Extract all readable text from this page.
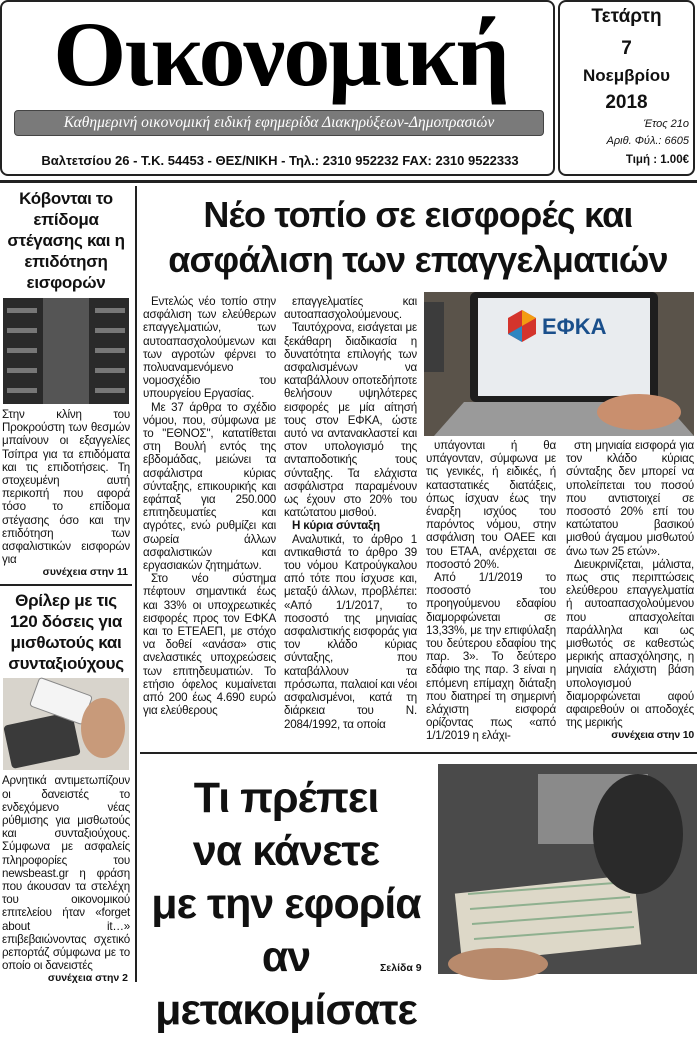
Οικονομική
Καθημερινή οικονομική ειδική εφημερίδα Διακηρύξεων-Δημοπρασιών
Βαλτετσίου 26 - Τ.Κ. 54453 - ΘΕΣ/ΝΙΚΗ - Τηλ.: 2310 952232 FAX: 2310 9522333
Τετάρτη
7
Νοεμβρίου
2018
Έτος 21ο
Αριθ. Φύλ.: 6605
Τιμή : 1.00€
Κόβονται το επίδομα στέγασης και η επιδότηση εισφορών
Στην κλίνη του Προκρούστη των θεσμών μπαίνουν οι εξαγγελίες Τσίπρα για τα επιδόματα και τις επιδοτήσεις. Τη στοχευμένη αυτή περικοπή που αφορά τόσο το επίδομα στέγασης όσο και την επιδότηση των ασφαλιστικών εισφορών για
συνέχεια στην 11
Θρίλερ με τις 120 δόσεις για μισθωτούς και συνταξιούχους
Αρνητικά αντιμετωπίζουν οι δανειστές το ενδεχόμενο νέας ρύθμισης για μισθωτούς και συνταξιούχους. Σύμφωνα με ασφαλείς πληροφορίες του newsbeast.gr η φράση που άκουσαν τα στελέχη του οικονομικού επιτελείου ήταν «forget about it…» επιβεβαιώνοντας σχετικό ρεπορτάζ σύμφωνα με το οποίο οι δανειστές
συνέχεια στην 2
Νέο τοπίο σε εισφορές και ασφάλιση των επαγγελματιών

Εντελώς νέο τοπίο στην ασφάλιση των ελεύθερων επαγγελματιών, των αυτοαπασχολούμενων και των αγροτών φέρνει το πολυαναμενόμενο νομοσχέδιο του υπουργείου Εργασίας.

Με 37 άρθρα το σχέδιο νόμου, που, σύμφωνα με το "ΕΘΝΟΣ", κατατίθεται στη Βουλή εντός της εβδομάδας, μειώνει τα ασφάλιστρα κύριας σύνταξης, επικουρικής και εφάπαξ για 250.000 επιτηδευματίες και αγρότες, ενώ ρυθμίζει και σωρεία άλλων ασφαλιστικών και εργασιακών ζητημάτων.

Στο νέο σύστημα πέφτουν σημαντικά έως και 33% οι υποχρεωτικές εισφορές προς τον ΕΦΚΑ και το ΕΤΕΑΕΠ, με στόχο να δοθεί «ανάσα» στις ανελαστικές υποχρεώσεις των επιτηδευματιών. Το ετήσιο όφελος κυμαίνεται από 200 έως 4.690 ευρώ για ελεύθερους

επαγγελματίες και αυτοαπασχολούμενους.

Ταυτόχρονα, εισάγεται με ξεκάθαρη διαδικασία η δυνατότητα επιλογής των ασφαλισμένων να καταβάλλουν οποτεδήποτε θελήσουν υψηλότερες εισφορές με μία αίτησή τους στον ΕΦΚΑ, ώστε αυτό να αντανακλαστεί και στον υπολογισμό της ανταποδοτικής τους σύνταξης. Τα ελάχιστα ασφάλιστρα παραμένουν ως έχουν στο 20% του κατώτατου μισθού.

Η κύρια σύνταξη

Αναλυτικά, το άρθρο 1 αντικαθιστά το άρθρο 39 του νόμου Κατρούγκαλου από τότε που ίσχυσε και, μεταξύ άλλων, προβλέπει: «Από 1/1/2017, το ποσοστό της μηνιαίας ασφαλιστικής εισφοράς για τον κλάδο κύριας σύνταξης, που καταβάλλουν τα πρόσωπα, παλαιοί και νέοι ασφαλισμένοι, κατά τη διάρκεια του Ν. 2084/1992, τα οποία

ΕΦΚΑ

υπάγονται ή θα υπάγονταν, σύμφωνα με τις γενικές, ή ειδικές, ή καταστατικές διατάξεις, όπως ίσχυαν έως την έναρξη ισχύος του παρόντος νόμου, στην ασφάλιση του ΟΑΕΕ και του ΕΤΑΑ, ανέρχεται σε ποσοστό 20%.

Από 1/1/2019 το ποσοστό του προηγούμενου εδαφίου διαμορφώνεται σε 13,33%, με την επιφύλαξη του δεύτερου εδαφίου της παρ. 3». Το δεύτερο εδάφιο της παρ. 3 είναι η επόμενη επίμαχη διάταξη που διατηρεί τη σημερινή ελάχιστη εισφορά ορίζοντας πως «από 1/1/2019 η ελάχι-

στη μηνιαία εισφορά για τον κλάδο κύριας σύνταξης δεν μπορεί να υπολείπεται του ποσού που αντιστοιχεί σε ποσοστό 20% επί του κατώτατου βασικού μισθού άγαμου μισθωτού άνω των 25 ετών».

Διευκρινίζεται, μάλιστα, πως στις περιπτώσεις ελεύθερου επαγγελματία ή αυτοαπασχολούμενου που απασχολείται παράλληλα και ως μισθωτός σε καθεστώς μερικής απασχόλησης, η μηνιαία ελάχιστη βάση υπολογισμού διαμορφώνεται αφού αφαιρεθούν οι αποδοχές της μερικής

συνέχεια στην 10
Τι πρέπει
να κάνετε
με την εφορία
αν μετακομίσατε
Σελίδα 9
